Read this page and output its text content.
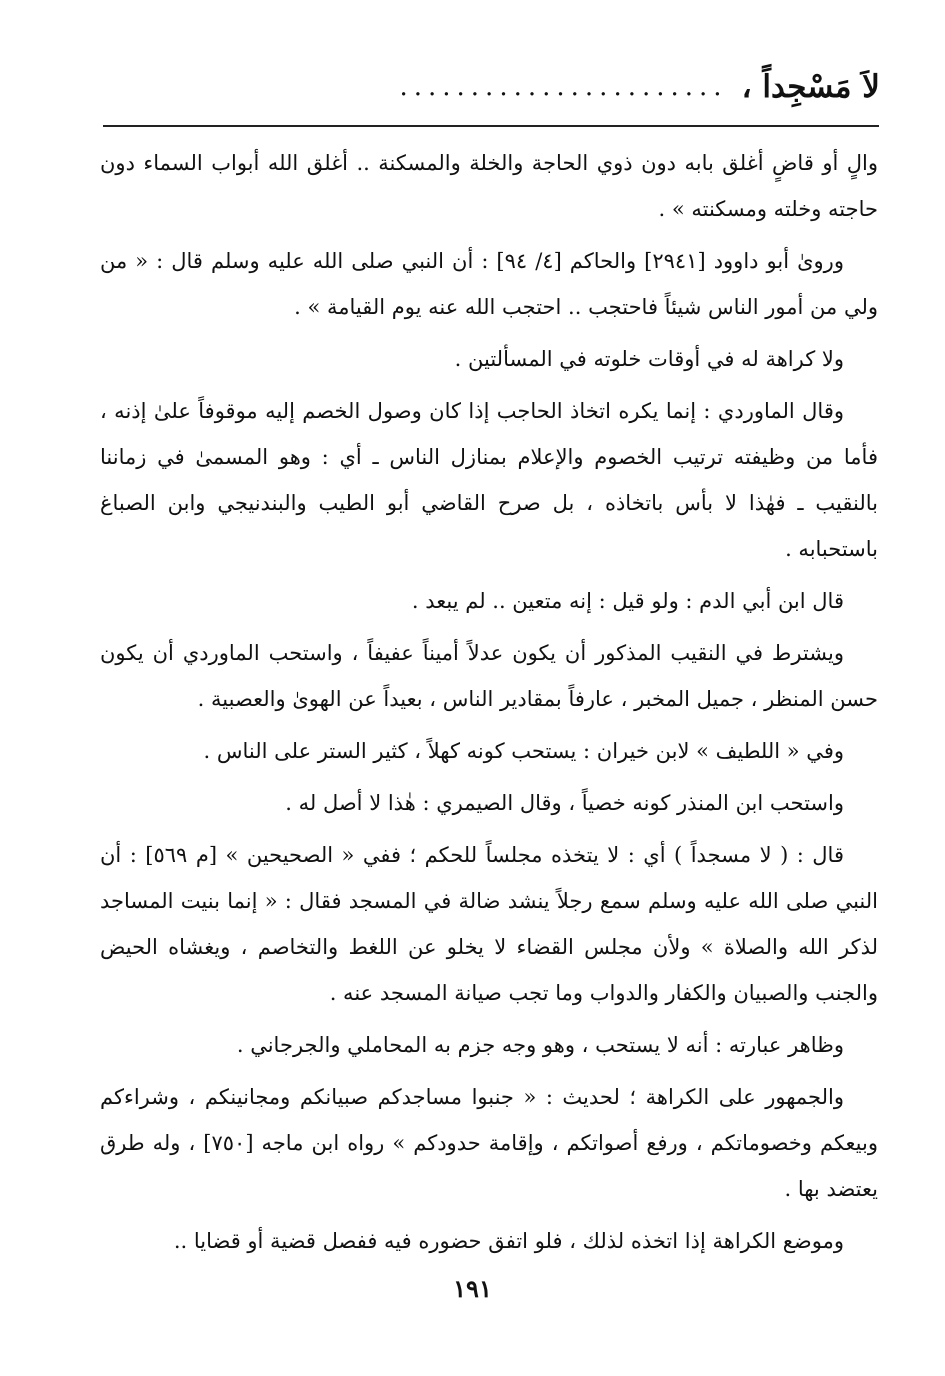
لاَ مَسْجِداً ،
.......................

والٍ أو قاضٍ أغلق بابه دون ذوي الحاجة والخلة والمسكنة .. أغلق الله أبواب السماء دون حاجته وخلته ومسكنته » .

وروىٰ أبو داوود [٢٩٤١] والحاكم [٤/ ٩٤] : أن النبي صلى الله عليه وسلم قال : « من ولي من أمور الناس شيئاً فاحتجب .. احتجب الله عنه يوم القيامة » .

ولا كراهة له في أوقات خلوته في المسألتين .

وقال الماوردي : إنما يكره اتخاذ الحاجب إذا كان وصول الخصم إليه موقوفاً علىٰ إذنه ، فأما من وظيفته ترتيب الخصوم والإعلام بمنازل الناس ـ أي : وهو المسمىٰ في زماننا بالنقيب ـ فهٰذا لا بأس باتخاذه ، بل صرح القاضي أبو الطيب والبندنيجي وابن الصباغ باستحبابه .

قال ابن أبي الدم : ولو قيل : إنه متعين .. لم يبعد .

ويشترط في النقيب المذكور أن يكون عدلاً أميناً عفيفاً ، واستحب الماوردي أن يكون حسن المنظر ، جميل المخبر ، عارفاً بمقادير الناس ، بعيداً عن الهوىٰ والعصبية .

وفي « اللطيف » لابن خيران : يستحب كونه كهلاً ، كثير الستر على الناس .

واستحب ابن المنذر كونه خصياً ، وقال الصيمري : هٰذا لا أصل له .

قال : ( لا مسجداً ) أي : لا يتخذه مجلساً للحكم ؛ ففي « الصحيحين » [م ٥٦٩] : أن النبي صلى الله عليه وسلم سمع رجلاً ينشد ضالة في المسجد فقال : « إنما بنيت المساجد لذكر الله والصلاة » ولأن مجلس القضاء لا يخلو عن اللغط والتخاصم ، ويغشاه الحيض والجنب والصبيان والكفار والدواب وما تجب صيانة المسجد عنه .

وظاهر عبارته : أنه لا يستحب ، وهو وجه جزم به المحاملي والجرجاني .

والجمهور على الكراهة ؛ لحديث : « جنبوا مساجدكم صبيانكم ومجانينكم ، وشراءكم وبيعكم وخصوماتكم ، ورفع أصواتكم ، وإقامة حدودكم » رواه ابن ماجه [٧٥٠] ، وله طرق يعتضد بها .

وموضع الكراهة إذا اتخذه لذلك ، فلو اتفق حضوره فيه ففصل قضية أو قضايا ..

١٩١
